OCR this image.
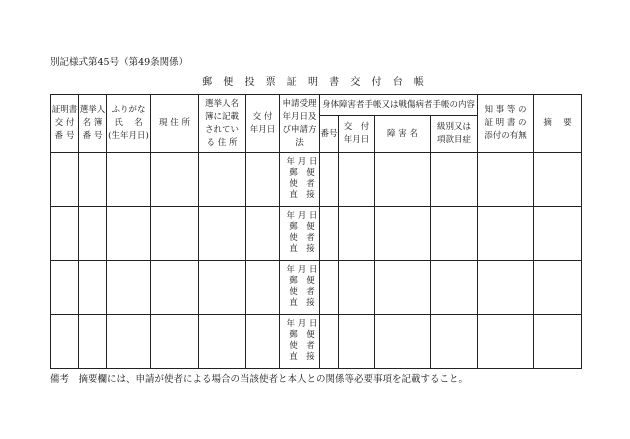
別記様式第45号（第49条関係）
郵 便 投 票 証 明 書 交 付 台 帳
証明書
交 付
番 号	選挙人
名 簿
番 号	ふりがな
氏　 名
(生年月日)	現 住 所	選挙人名
簿に記載
されてい
る 住 所	交 付
年月日	申請受理
年月日及
び申請方
法	身体障害者手帳又は戦傷病者手帳の内容				知 事 等 の
証 明 書 の
添付の有無	摘　 要
							番号	交　付
年月日	障 害 名	級別又は
項款目症		

						年 月 日
郵　便
使　者
直　接						

						年 月 日
郵　便
使　者
直　接						

						年 月 日
郵　便
使　者
直　接						

						年 月 日
郵　便
使　者
直　接						

備考　摘要欄には、申請が使者による場合の当該使者と本人との関係等必要事項を記載すること。
